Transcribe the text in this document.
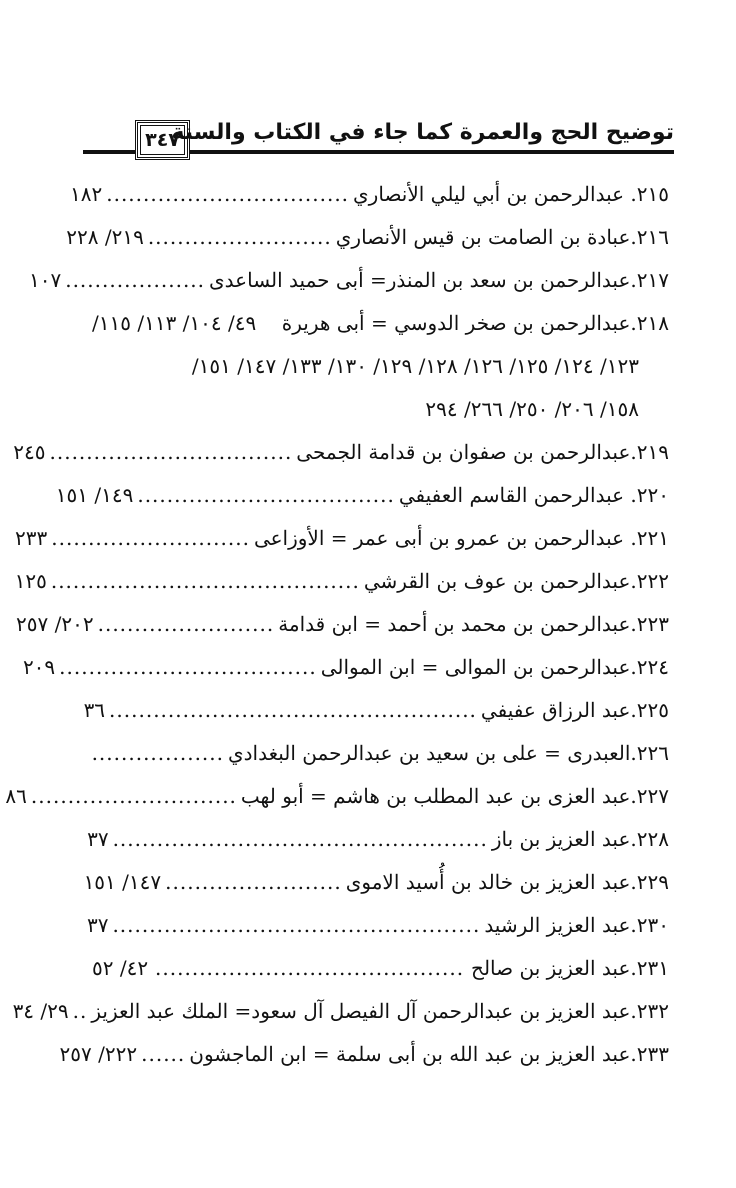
توضيح الحج والعمرة كما جاء في الكتاب والسنة
٣٤٧
٢١٥.

عبدالرحمن بن أبي ليلي الأنصاري
.................................
١٨٢
٢١٦.
عبادة بن الصامت بن قيس الأنصاري
.........................
٢١٩/ ٢٢٨
٢١٧.
عبدالرحمن بن سعد بن المنذر= أبى حميد الساعدى
...................
١٠٧
٢١٨.
عبدالرحمن بن صخر الدوسي = أبى هريرة
٤٩/ ١٠٤/ ١١٣/ ١١٥/
١٢٣/ ١٢٤/ ١٢٥/ ١٢٦/ ١٢٨/ ١٢٩/ ١٣٠/ ١٣٣/ ١٤٧/ ١٥١/
١٥٨/ ٢٠٦/ ٢٥٠/ ٢٦٦/ ٢٩٤
٢١٩.
عبدالرحمن بن صفوان بن قدامة الجمحى
.................................
٢٤٥
٢٢٠.

عبدالرحمن القاسم العفيفي
...................................
١٤٩/ ١٥١
٢٢١.

عبدالرحمن بن عمرو بن أبى عمر = الأوزاعى
...........................
٢٣٣
٢٢٢.
عبدالرحمن بن عوف بن القرشي
..........................................
١٢٥
٢٢٣.
عبدالرحمن بن محمد بن أحمد = ابن قدامة
........................
٢٠٢/ ٢٥٧
٢٢٤.
عبدالرحمن بن الموالى = ابن الموالى
...................................
٢٠٩
٢٢٥.
عبد الرزاق عفيفي
..................................................
٣٦
٢٢٦.
العبدرى = على بن سعيد بن عبدالرحمن البغدادي
..................
٢٢٧.
عبد العزى بن عبد المطلب بن هاشم = أبو لهب
............................
٨٦
٢٢٨.
عبد العزيز بن باز
...................................................
٣٧
٢٢٩.
عبد العزيز بن خالد بن أُسيد الاموى
........................
١٤٧/ ١٥١
٢٣٠.
عبد العزيز الرشيد
..................................................
٣٧
٢٣١.
عبد العزيز بن صالح
..........................................
٤٢/ ٥٢
٢٣٢.
عبد العزيز بن عبدالرحمن آل الفيصل آل سعود= الملك عبد العزيز
..
٢٩/ ٣٤
٢٣٣.
عبد العزيز بن عبد الله بن أبى سلمة = ابن الماجشون
......
٢٢٢/ ٢٥٧
